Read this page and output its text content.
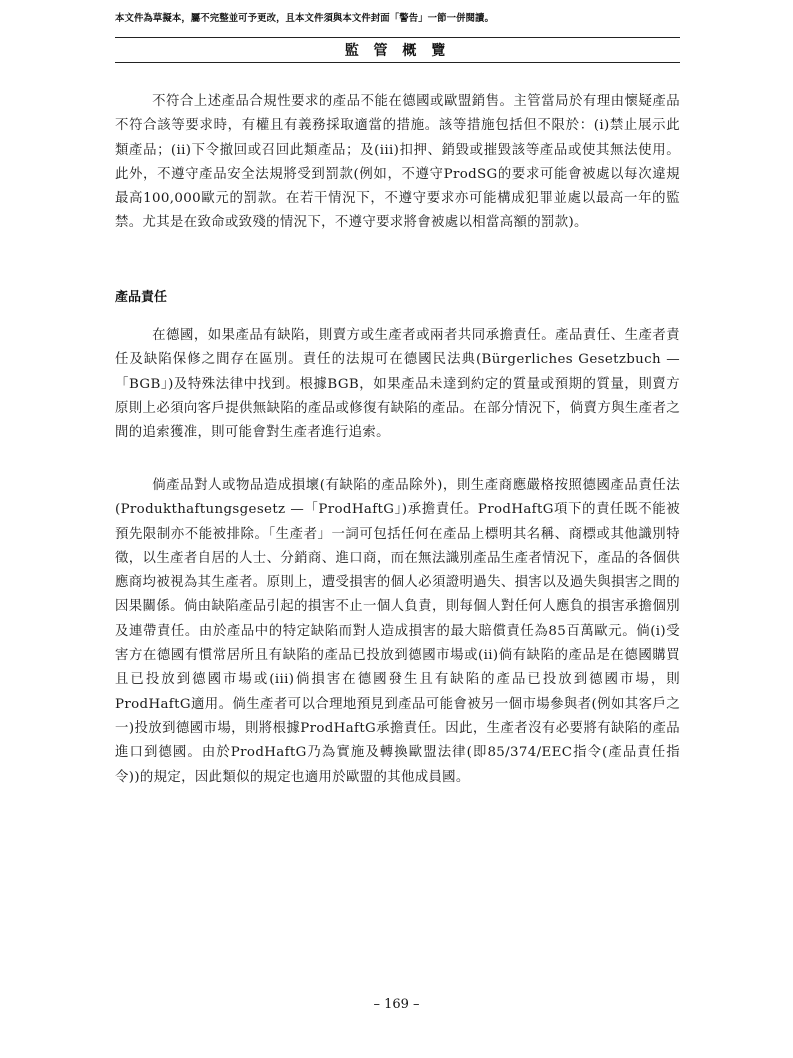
本文件為草擬本，屬不完整並可予更改，且本文件須與本文件封面「警告」一節一併閱讀。
監 管 概 覽
不符合上述產品合規性要求的產品不能在德國或歐盟銷售。主管當局於有理由懷疑產品不符合該等要求時，有權且有義務採取適當的措施。該等措施包括但不限於：(i)禁止展示此類產品；(ii)下令撤回或召回此類產品；及(iii)扣押、銷毀或摧毀該等產品或使其無法使用。此外，不遵守產品安全法規將受到罰款(例如，不遵守ProdSG的要求可能會被處以每次違規最高100,000歐元的罰款。在若干情況下，不遵守要求亦可能構成犯罪並處以最高一年的監禁。尤其是在致命或致殘的情況下，不遵守要求將會被處以相當高額的罰款)。
產品責任
在德國，如果產品有缺陷，則賣方或生產者或兩者共同承擔責任。產品責任、生產者責任及缺陷保修之間存在區別。責任的法規可在德國民法典(Bürgerliches Gesetzbuch —「BGB」)及特殊法律中找到。根據BGB，如果產品未達到約定的質量或預期的質量，則賣方原則上必須向客戶提供無缺陷的產品或修復有缺陷的產品。在部分情況下，倘賣方與生產者之間的追索獲准，則可能會對生產者進行追索。
倘產品對人或物品造成損壞(有缺陷的產品除外)，則生產商應嚴格按照德國產品責任法(Produkthaftungsgesetz —「ProdHaftG」)承擔責任。ProdHaftG項下的責任既不能被預先限制亦不能被排除。「生產者」一詞可包括任何在產品上標明其名稱、商標或其他識別特徵，以生產者自居的人士、分銷商、進口商，而在無法識別產品生產者情況下，產品的各個供應商均被視為其生產者。原則上，遭受損害的個人必須證明過失、損害以及過失與損害之間的因果關係。倘由缺陷產品引起的損害不止一個人負責，則每個人對任何人應負的損害承擔個別及連帶責任。由於產品中的特定缺陷而對人造成損害的最大賠償責任為85百萬歐元。倘(i)受害方在德國有慣常居所且有缺陷的產品已投放到德國市場或(ii)倘有缺陷的產品是在德國購買且已投放到德國市場或(iii)倘損害在德國發生且有缺陷的產品已投放到德國市場，則ProdHaftG適用。倘生產者可以合理地預見到產品可能會被另一個市場參與者(例如其客戶之一)投放到德國市場，則將根據ProdHaftG承擔責任。因此，生產者沒有必要將有缺陷的產品進口到德國。由於ProdHaftG乃為實施及轉換歐盟法律(即85/374/EEC指令(產品責任指令))的規定，因此類似的規定也適用於歐盟的其他成員國。
– 169 –
